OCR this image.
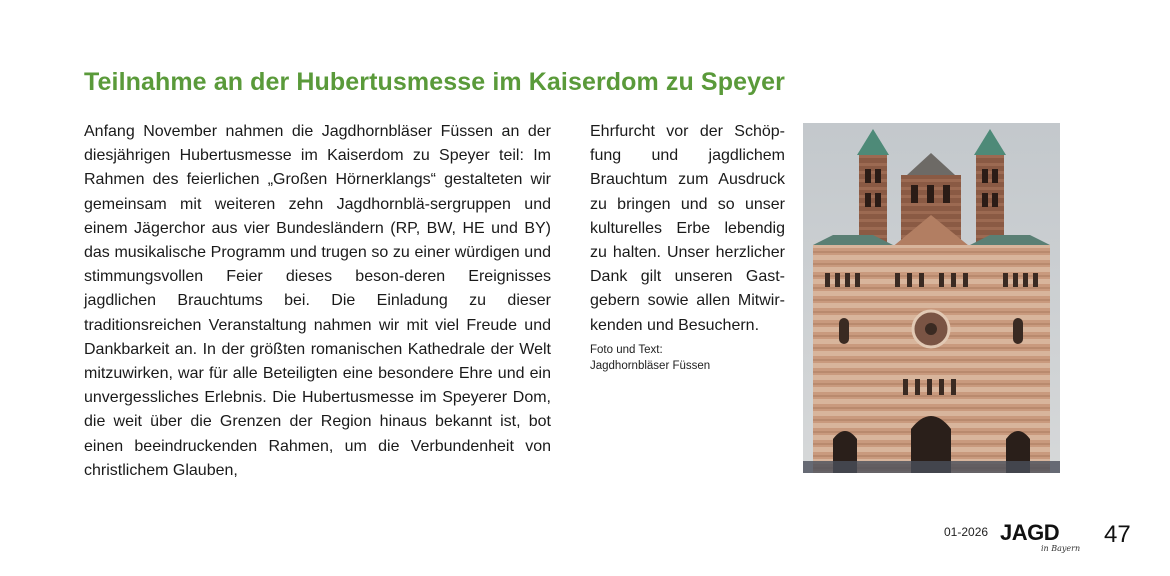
Teilnahme an der Hubertusmesse im Kaiserdom zu Speyer

Anfang November nahmen die Jagdhornbläser Füssen an der diesjährigen Hubertusmesse im Kaiserdom zu Speyer teil: Im Rahmen des feierlichen „Großen Hörnerklangs“ gestalteten wir gemeinsam mit weiteren zehn Jagdhornblä-sergruppen und einem Jägerchor aus vier Bundesländern (RP, BW, HE und BY) das musikalische Programm und trugen so zu einer würdigen und stimmungsvollen Feier dieses beson-deren Ereignisses jagdlichen Brauchtums bei. Die Einladung zu dieser traditionsreichen Veranstaltung nahmen wir mit viel Freude und Dankbarkeit an. In der größten romanischen Kathedrale der Welt mitzuwirken, war für alle Beteiligten eine besondere Ehre und ein unvergessliches Erlebnis. Die Hubertusmesse im Speyerer Dom, die weit über die Grenzen der Region hinaus bekannt ist, bot einen beeindruckenden Rahmen, um die Verbundenheit von christlichem Glauben,

Ehrfurcht vor der Schöp-fung und jagdlichem Brauchtum zum Ausdruck zu bringen und so unser kulturelles Erbe lebendig zu halten. Unser herzlicher Dank gilt unseren Gast-gebern sowie allen Mitwir-kenden und Besuchern.

Foto und Text:
Jagdhornbläser Füssen
01-2026 JAGD
in Bayern
47
